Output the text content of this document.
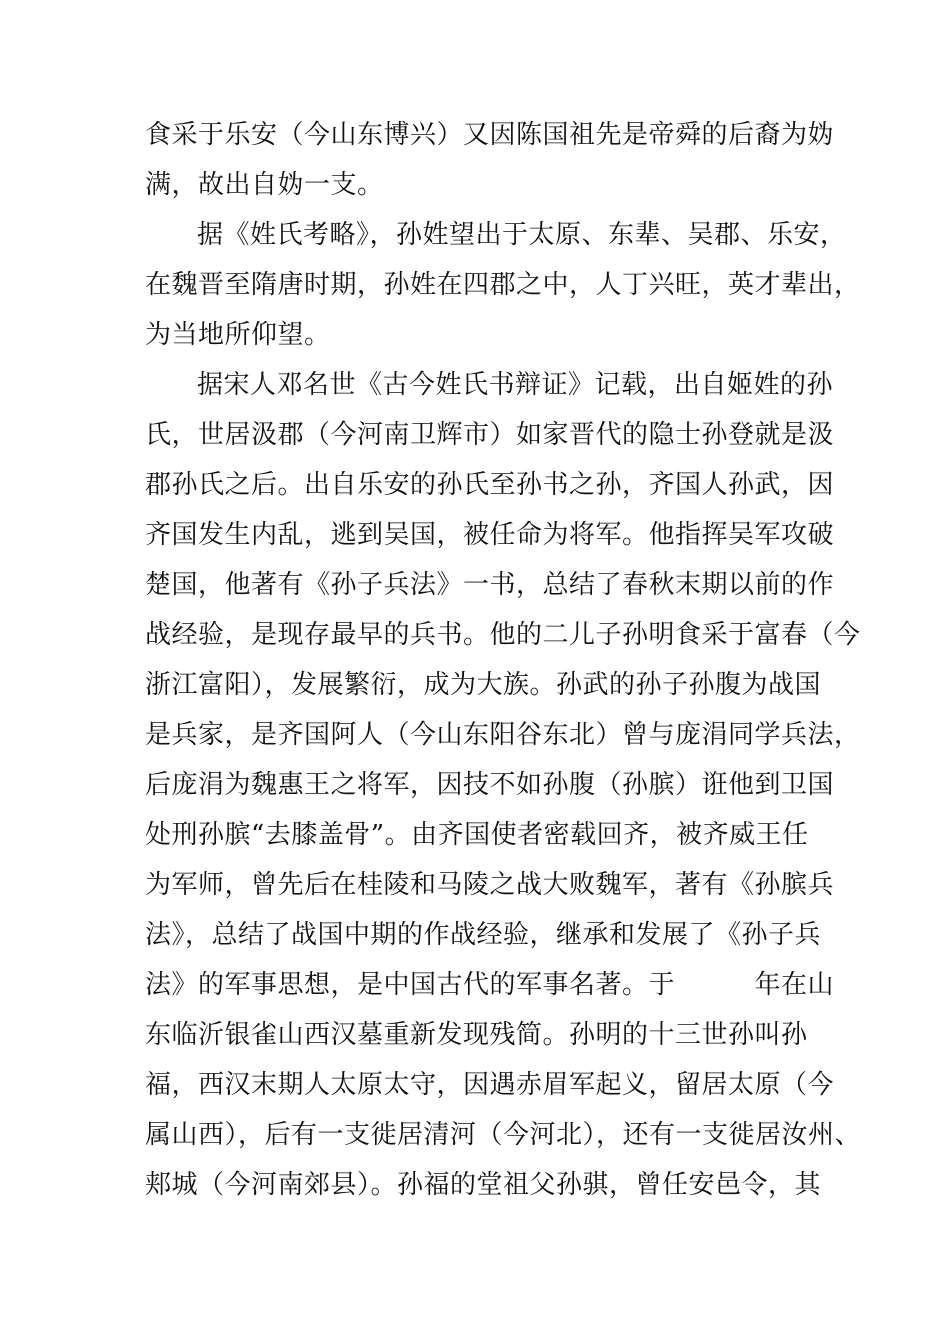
食采于乐安（今山东博兴）又因陈国祖先是帝舜的后裔为妫
满，故出自妫一支。
据《姓氏考略》，孙姓望出于太原、东辈、吴郡、乐安，
在魏晋至隋唐时期，孙姓在四郡之中，人丁兴旺，英才辈出，
为当地所仰望。
据宋人邓名世《古今姓氏书辩证》记载，出自姬姓的孙
氏，世居汲郡（今河南卫辉市）如家晋代的隐士孙登就是汲
郡孙氏之后。出自乐安的孙氏至孙书之孙，齐国人孙武，因
齐国发生内乱，逃到吴国，被任命为将军。他指挥吴军攻破
楚国，他著有《孙子兵法》一书，总结了春秋末期以前的作
战经验，是现存最早的兵书。他的二儿子孙明食采于富春（今
浙江富阳），发展繁衍，成为大族。孙武的孙子孙腹为战国
是兵家，是齐国阿人（今山东阳谷东北）曾与庞涓同学兵法，
后庞涓为魏惠王之将军，因技不如孙腹（孙膑）诳他到卫国
处刑孙膑“去膝盖骨”。由齐国使者密载回齐，被齐威王任
为军师，曾先后在桂陵和马陵之战大败魏军，著有《孙膑兵
法》，总结了战国中期的作战经验，继承和发展了《孙子兵
法》的军事思想，是中国古代的军事名著。于　　　年在山
东临沂银雀山西汉墓重新发现残简。孙明的十三世孙叫孙
福，西汉末期人太原太守，因遇赤眉军起义，留居太原（今
属山西），后有一支徙居清河（今河北），还有一支徙居汝州、
郏城（今河南郊县）。孙福的堂祖父孙骐，曾任安邑令，其
